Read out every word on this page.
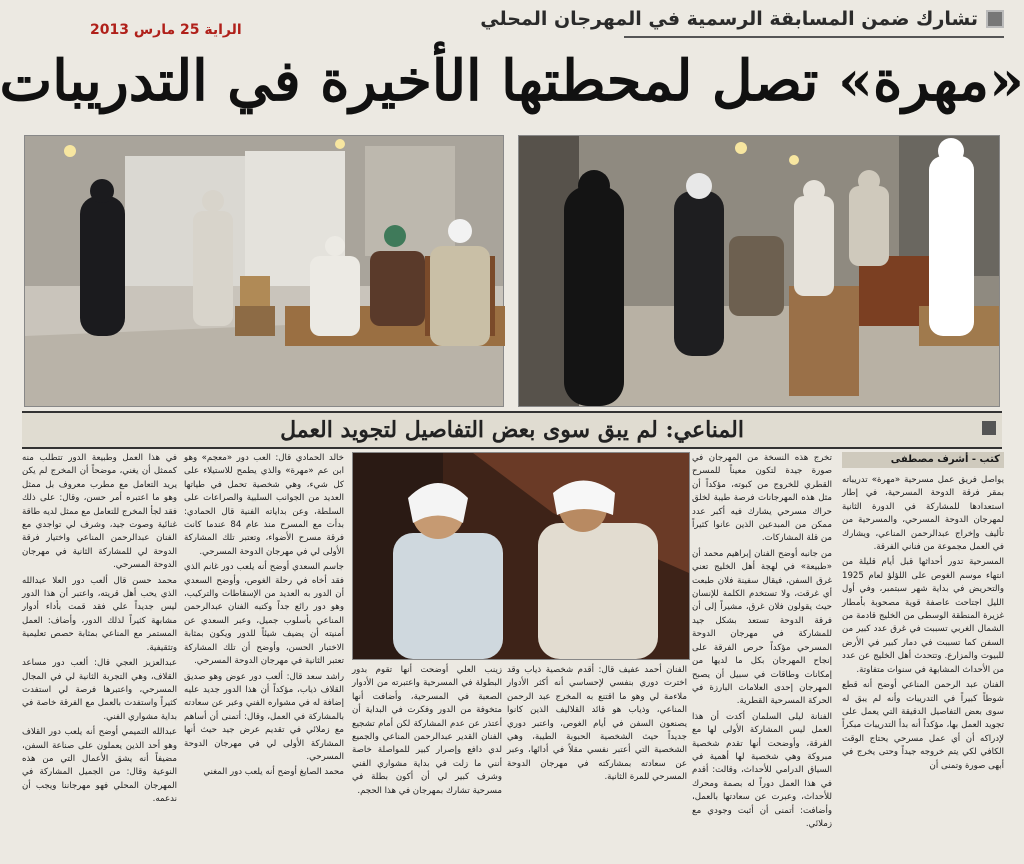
تشارك ضمن المسابقة الرسمية في المهرجان المحلي
الراية 25 مارس 2013
«مهرة» تصل لمحطتها الأخيرة في التدريبات
المناعي: لم يبق سوى بعض التفاصيل لتجويد العمل
كتب - أشرف مصطفى

يواصل فريق عمل مسرحية «مهرة» تدريباته بمقر فرقة الدوحة المسرحية، في إطار استعدادها للمشاركة في الدورة الثانية لمهرجان الدوحة المسرحي، والمسرحية من تأليف وإخراج عبدالرحمن المناعي، ويشارك في العمل مجموعة من فناني الفرقة.

المسرحية تدور أحداثها قبل أيام قليلة من انتهاء موسم الغوص على اللؤلؤ لعام 1925 والتحريض في بداية شهر سبتمبر، وفي أول الليل اجتاحت عاصفة قوية مصحوبة بأمطار غزيرة المنطقة الوسطى من الخليج قادمة من الشمال الغربي تسببت في غرق عدد كبير من السفن كما تسببت في دمار كبير في الأرض للبيوت والمزارع. وتتحدث أهل الخليج عن عدد من الأحداث المشابهة في سنوات متفاوتة.

الفنان عبد الرحمن المناعي أوضح أنه قطع شوطاً كبيراً في التدريبات وأنه لم يبق له سوى بعض التفاصيل الدقيقة التي يعمل على تجويد العمل بها، مؤكداً أنه بدأ التدريبات مبكراً لإدراكه أن أي عمل مسرحي يحتاج الوقت الكافي لكي يتم خروجه جيداً وحتى يخرج في أبهى صورة وتمنى أن

تخرج هذه النسخة من المهرجان في صورة جيدة لتكون معيناً للمسرح القطري للخروج من كبوته، مؤكداً أن مثل هذه المهرجانات فرصة طيبة لخلق حراك مسرحي يشارك فيه أكبر عدد ممكن من المبدعين الذين عانوا كثيراً من قلة المشاركات.

من جانبه أوضح الفنان إبراهيم محمد أن «طبيعة» في لهجة أهل الخليج تعني غرق السفن، فيقال سفينة فلان طبعت أي غرقت، ولا تستخدم الكلمة للإنسان حيث يقولون فلان غرق، مشيراً إلى أن فرقة الدوحة تستعد بشكل جيد للمشاركة في مهرجان الدوحة المسرحي مؤكداً حرص الفرقة على إنجاح المهرجان بكل ما لديها من إمكانات وطاقات في سبيل أن يصبح المهرجان إحدى العلامات البارزة في الحركة المسرحية القطرية.

الفنانة ليلى السلمان أكدت أن هذا العمل ليس المشاركة الأولى لها مع الفرقة، وأوضحت أنها تقدم شخصية مبروكة وهي شخصية لها أهمية في السياق الدرامي للأحداث، وقالت: أقدم في هذا العمل دوراً له بصمة ومحرك للأحداث، وعبرت عن سعادتها بالعمل، وأضافت: أتمنى أن أثبت وجودي مع زملائي.

الفنان أحمد عفيف قال: أقدم شخصية ذياب وقد اخترت دوري بنفسي لإحساسي أنه أكثر الأدوار ملاءمة لي وهو ما اقتنع به المخرج عبد الرحمن المناعي، وذياب هو قائد القلاليف الذين كانوا يصنعون السفن في أيام الغوص، واعتبر دوري جديداً حيث الشخصية الحبوبة الطيبة، وهي الشخصية التي أعتبر نفسي مقلاً في أدائها، وعبر عن سعادته بمشاركته في مهرجان الدوحة المسرحي للمرة الثانية.

زينب العلي أوضحت أنها تقوم بدور البطولة في المسرحية واعتبرته من الأدوار الصعبة في المسرحية، وأضافت أنها متخوفة من الدور وفكرت في البداية أن أعتذر عن عدم المشاركة لكن أمام تشجيع الفنان القدير عبدالرحمن المناعي والجميع لدي دافع وإصرار كبير للمواصلة خاصة أنني ما زلت في بداية مشواري الفني وشرف كبير لي أن أكون بطلة في مسرحية تشارك بمهرجان في هذا الحجم.

خالد الحمادي قال: العب دور «معجم» وهو ابن عم «مهرة» والذي يطمح للاستيلاء على كل شيء، وهي شخصية تحمل في طياتها العديد من الجوانب السلبية والصراعات على السلطة، وعن بداياته الفنية قال الحمادي: بدأت مع المسرح منذ عام 84 عندما كانت فرقة مسرح الأضواء، وتعتبر تلك المشاركة الأولى لي في مهرجان الدوحة المسرحي.

جاسم السعدي أوضح أنه يلعب دور غانم الذي فقد أخاه في رحلة الغوص، وأوضح السعدي أن الدور به العديد من الإسقاطات والتركيب، وهو دور رائع جداً وكتبه الفنان عبدالرحمن المناعي بأسلوب جميل، وعبر السعدي عن أمنيته أن يضيف شيئاً للدور ويكون بمثابة الاختبار الحسن، وأوضح أن تلك المشاركة تعتبر الثانية في مهرجان الدوحة المسرحي.

راشد سعد قال: ألعب دور عوض وهو صديق القلاف ذياب، مؤكداً أن هذا الدور جديد عليه إضافة له في مشواره الفني وعبر عن سعادته بالمشاركة في العمل، وقال: أتمنى أن أساهم مع زملائي في تقديم عرض جيد حيث أنها المشاركة الأولى لي في مهرجان الدوحة المسرحي.

محمد الصايغ أوضح أنه يلعب دور المغني

في هذا العمل وطبيعة الدور تتطلب منه كممثل أن يغني، موضحاً أن المخرج لم يكن يريد التعامل مع مطرب معروف بل ممثل وهو ما اعتبره أمر حسن، وقال: على ذلك فقد لجأ المخرج للتعامل مع ممثل لديه طاقة غنائية وصوت جيد، وشرف لي تواجدي مع الفنان عبدالرحمن المناعي واختيار فرقة الدوحة لي للمشاركة الثانية في مهرجان الدوحة المسرحي.

محمد حسن قال ألعب دور العلا عبدالله الذي يحب أهل قريته، واعتبر أن هذا الدور ليس جديداً علي فقد قمت بأداء أدوار مشابهة كثيراً لذلك الدور، وأضاف: العمل المستمر مع المناعي بمثابة حصص تعليمية وتثقيفية.

عبدالعزيز العجي قال: ألعب دور مساعد القلاف، وهي التجربة الثانية لي في المجال المسرحي، واعتبرها فرصة لي استفدت كثيراً واستفدت بالعمل مع الفرقة خاصة في بداية مشواري الفني.

عبدالله التميمي أوضح أنه يلعب دور القلاف وهو أحد الذين يعملون على صناعة السفن، مضيفاً أنه يشق الأعمال التي من هذه النوعية وقال: من الجميل المشاركة في المهرجان المحلي فهو مهرجاننا ويجب أن ندعمه.
